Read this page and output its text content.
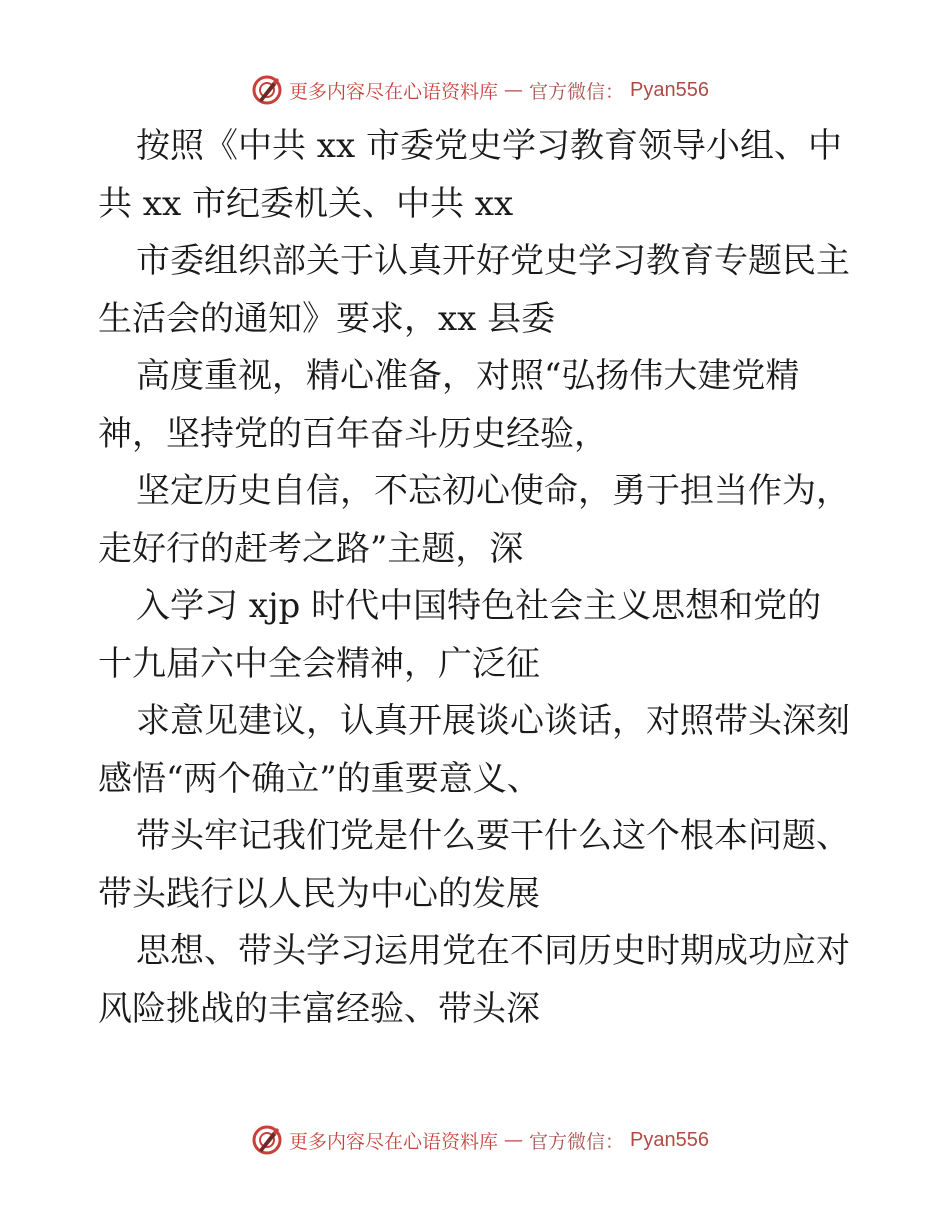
更多内容尽在心语资料库 — 官方微信： Pyan556
按照《中共 xx 市委党史学习教育领导小组、中
共 xx 市纪委机关、中共 xx
市委组织部关于认真开好党史学习教育专题民主
生活会的通知》要求，xx 县委
高度重视，精心准备，对照“弘扬伟大建党精
神，坚持党的百年奋斗历史经验，
坚定历史自信，不忘初心使命，勇于担当作为，
走好行的赶考之路”主题，深
入学习 xjp 时代中国特色社会主义思想和党的
十九届六中全会精神，广泛征
求意见建议，认真开展谈心谈话，对照带头深刻
感悟“两个确立”的重要意义、
带头牢记我们党是什么要干什么这个根本问题、
带头践行以人民为中心的发展
思想、带头学习运用党在不同历史时期成功应对
风险挑战的丰富经验、带头深
更多内容尽在心语资料库 — 官方微信： Pyan556
